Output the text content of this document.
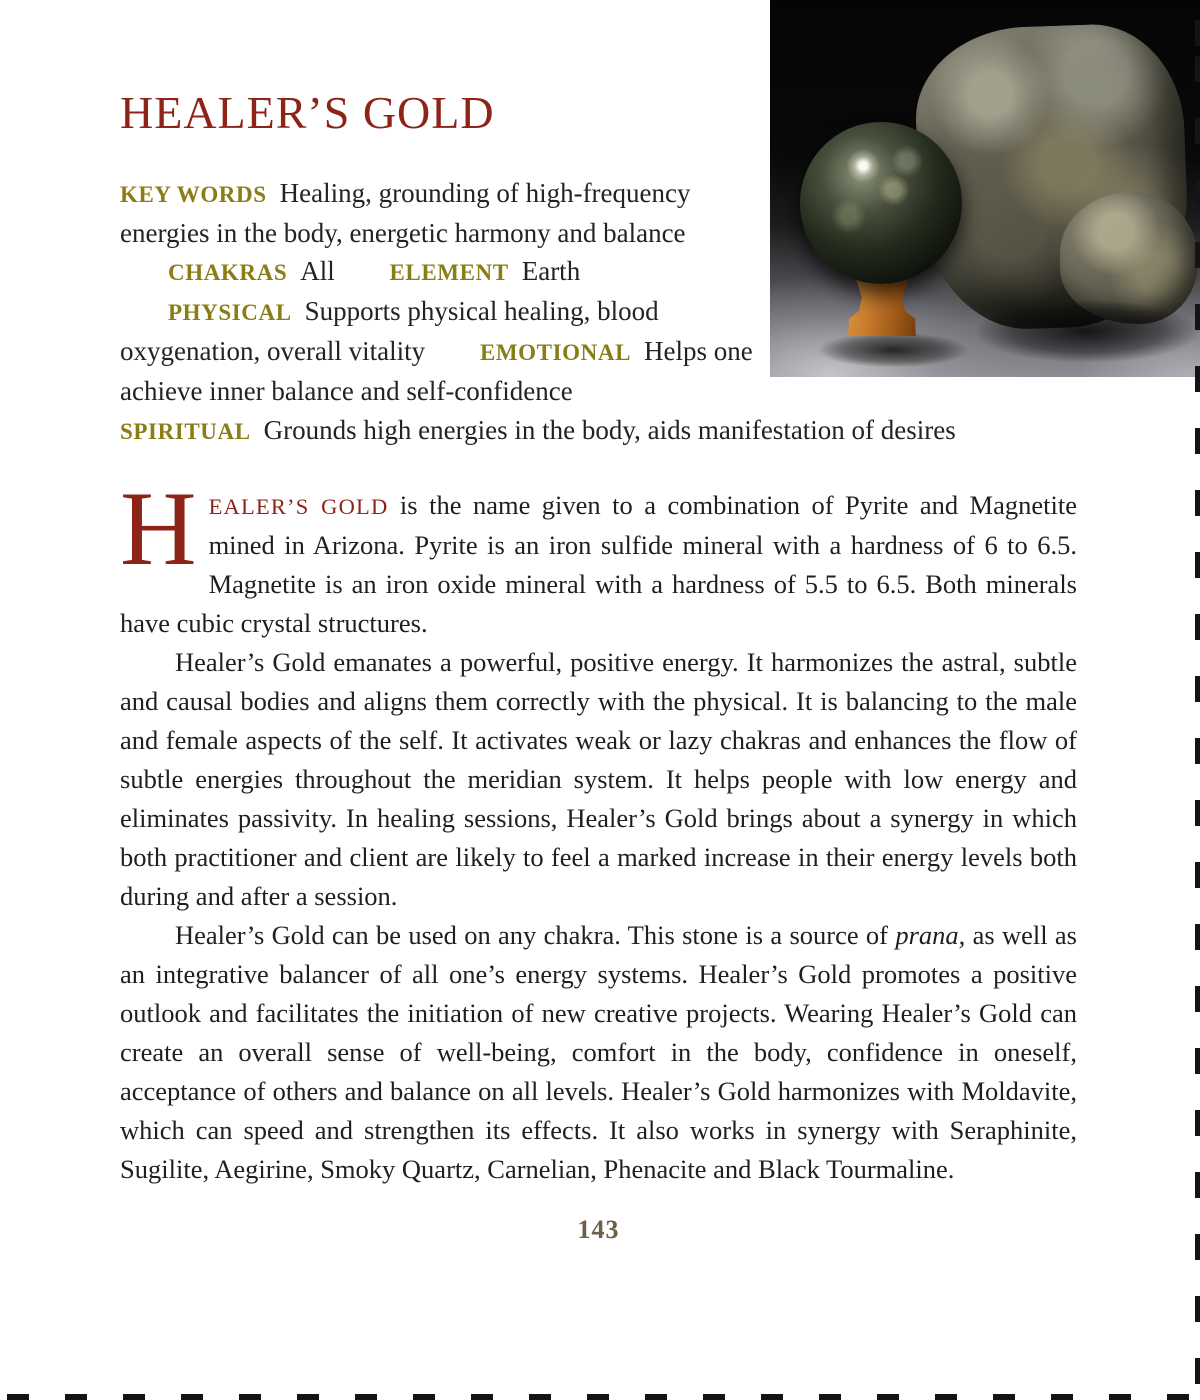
HEALER’S GOLD
KEY WORDS Healing, grounding of high-frequency energies in the body, energetic harmony and balance CHAKRAS All ELEMENT Earth PHYSICAL Supports physical healing, blood oxygenation, overall vitality EMOTIONAL Helps one achieve inner balance and self-confidence
SPIRITUAL Grounds high energies in the body, aids manifestation of desires

HEALER’S GOLD is the name given to a combination of Pyrite and Magnetite mined in Arizona. Pyrite is an iron sulfide mineral with a hardness of 6 to 6.5. Magnetite is an iron oxide mineral with a hardness of 5.5 to 6.5. Both minerals have cubic crystal structures.

Healer’s Gold emanates a powerful, positive energy. It harmonizes the astral, subtle and causal bodies and aligns them correctly with the physical. It is balancing to the male and female aspects of the self. It activates weak or lazy chakras and enhances the flow of subtle energies throughout the meridian system. It helps people with low energy and eliminates passivity. In healing sessions, Healer’s Gold brings about a synergy in which both practitioner and client are likely to feel a marked increase in their energy levels both during and after a session.

Healer’s Gold can be used on any chakra. This stone is a source of prana, as well as an integrative balancer of all one’s energy systems. Healer’s Gold promotes a positive outlook and facilitates the initiation of new creative projects. Wearing Healer’s Gold can create an overall sense of well-being, comfort in the body, confidence in oneself, acceptance of others and balance on all levels. Healer’s Gold harmonizes with Moldavite, which can speed and strengthen its effects. It also works in synergy with Seraphinite, Sugilite, Aegirine, Smoky Quartz, Carnelian, Phenacite and Black Tourmaline.

143
